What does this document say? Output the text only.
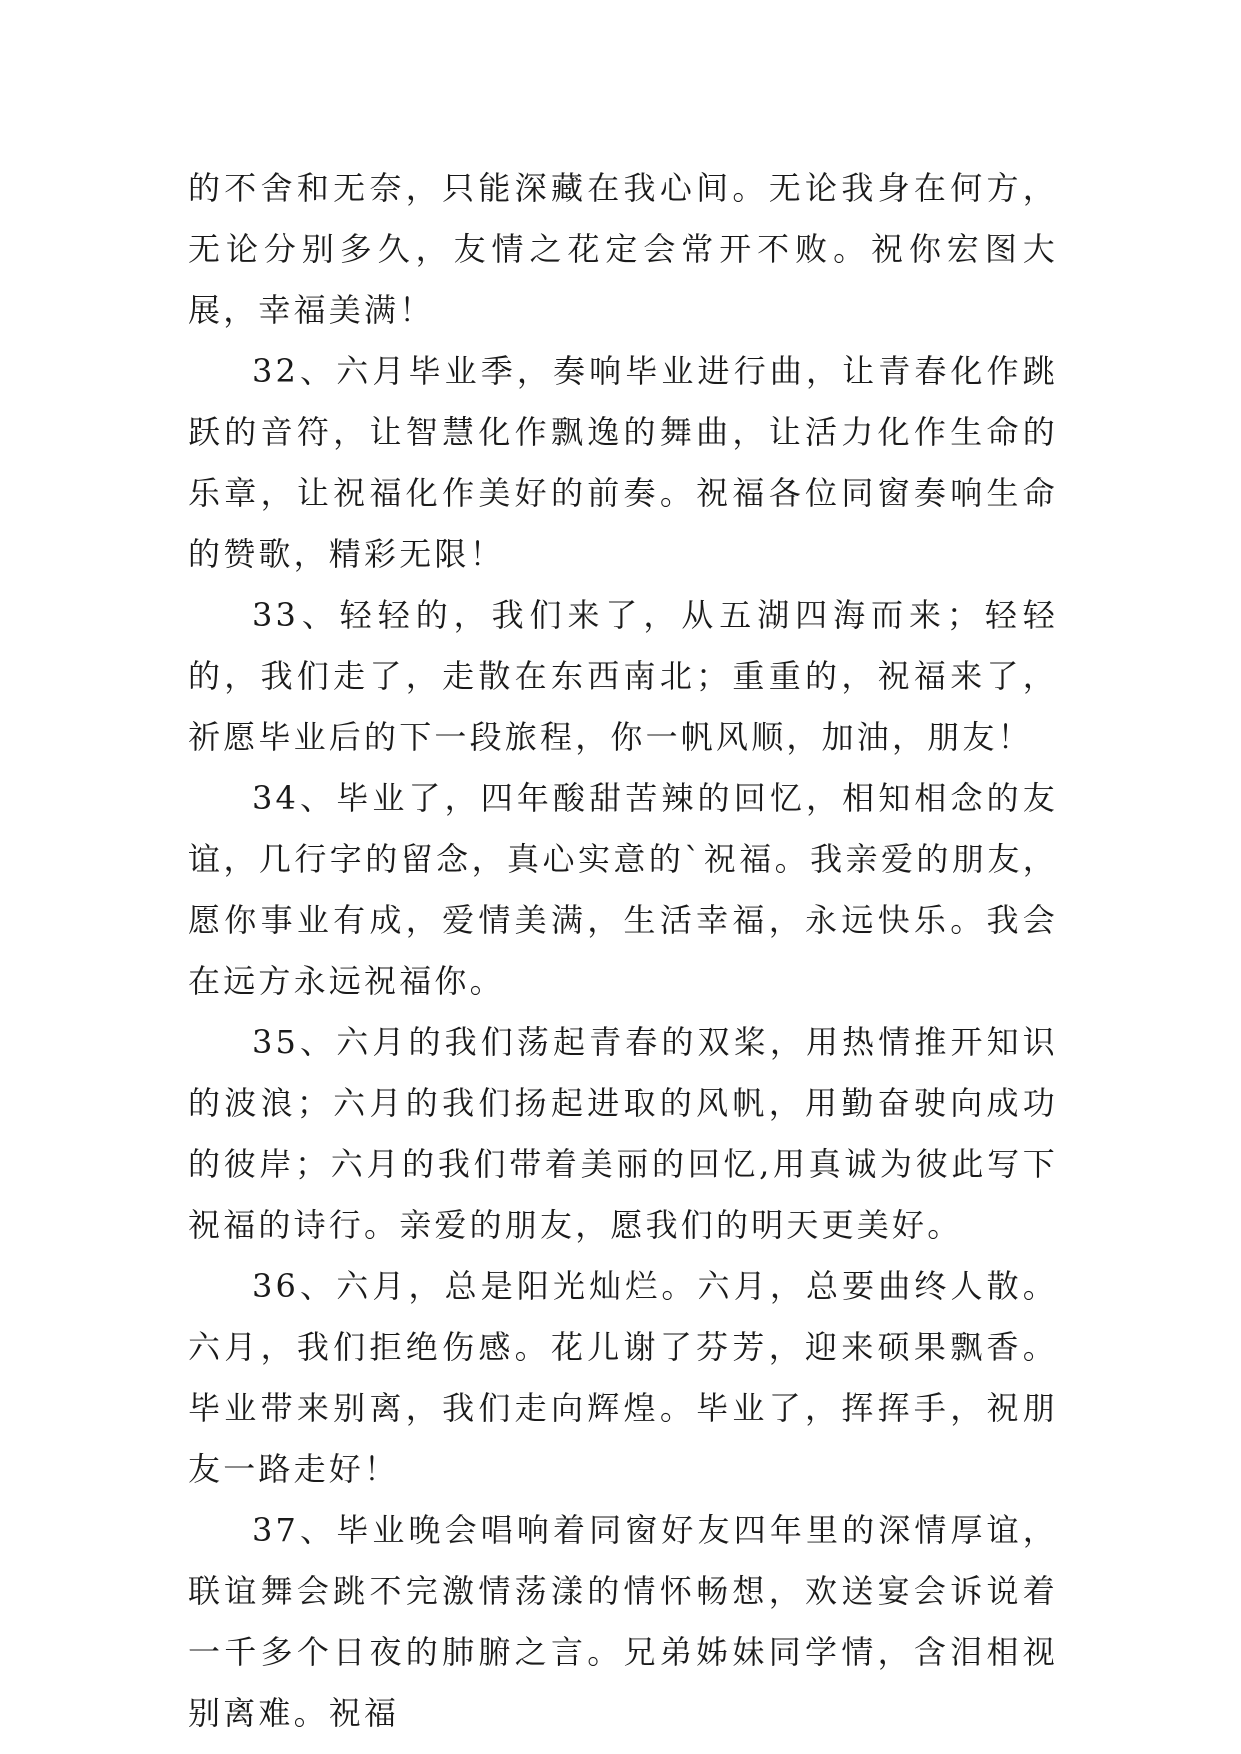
的不舍和无奈，只能深藏在我心间。无论我身在何方，无论分别多久，友情之花定会常开不败。祝你宏图大展，幸福美满！

32、六月毕业季，奏响毕业进行曲，让青春化作跳跃的音符，让智慧化作飘逸的舞曲，让活力化作生命的乐章，让祝福化作美好的前奏。祝福各位同窗奏响生命的赞歌，精彩无限！

33、轻轻的，我们来了，从五湖四海而来；轻轻的，我们走了，走散在东西南北；重重的，祝福来了，祈愿毕业后的下一段旅程，你一帆风顺，加油，朋友！

34、毕业了，四年酸甜苦辣的回忆，相知相念的友谊，几行字的留念，真心实意的`祝福。我亲爱的朋友，愿你事业有成，爱情美满，生活幸福，永远快乐。我会在远方永远祝福你。

35、六月的我们荡起青春的双桨，用热情推开知识的波浪；六月的我们扬起进取的风帆，用勤奋驶向成功的彼岸；六月的我们带着美丽的回忆,用真诚为彼此写下祝福的诗行。亲爱的朋友，愿我们的明天更美好。

36、六月，总是阳光灿烂。六月，总要曲终人散。六月，我们拒绝伤感。花儿谢了芬芳，迎来硕果飘香。毕业带来别离，我们走向辉煌。毕业了，挥挥手，祝朋友一路走好！

37、毕业晚会唱响着同窗好友四年里的深情厚谊，联谊舞会跳不完激情荡漾的情怀畅想，欢送宴会诉说着一千多个日夜的肺腑之言。兄弟姊妹同学情，含泪相视别离难。祝福
